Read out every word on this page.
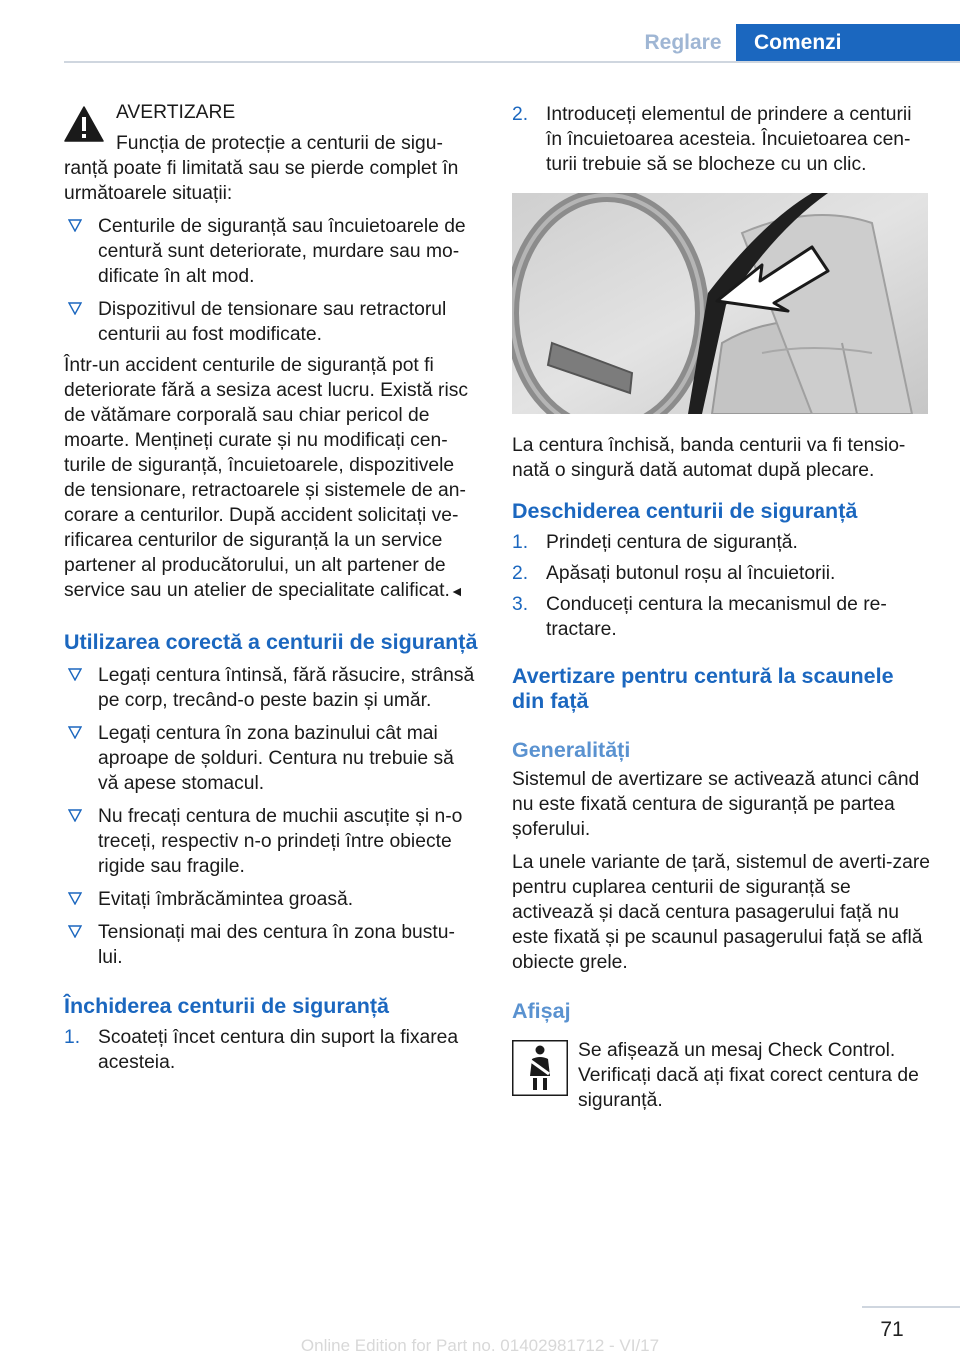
Reglare	Comenzi

AVERTIZARE

Funcția de protecție a centurii de sigu‐

ranță poate fi limitată sau se pierde complet în următoarele situații:

Centurile de siguranță sau încuietoarele de centură sunt deteriorate, murdare sau mo‐dificate în alt mod.
Dispozitivul de tensionare sau retractorul centurii au fost modificate.

Într-un accident centurile de siguranță pot fi deteriorate fără a sesiza acest lucru. Există risc de vătămare corporală sau chiar pericol de moarte. Mențineți curate și nu modificați cen‐turile de siguranță, încuietoarele, dispozitivele de tensionare, retractoarele și sistemele de an‐corare a centurilor. După accident solicitați ve‐rificarea centurilor de siguranță la un service partener al producătorului, un alt partener de service sau un atelier de specialitate calificat.◄

Utilizarea corectă a centurii de siguranță
Legați centura întinsă, fără răsucire, strânsă pe corp, trecând-o peste bazin și umăr.
Legați centura în zona bazinului cât mai aproape de șolduri. Centura nu trebuie să vă apese stomacul.
Nu frecați centura de muchii ascuțite și n-o treceți, respectiv n-o prindeți între obiecte rigide sau fragile.
Evitați îmbrăcămintea groasă.
Tensionați mai des centura în zona bustu‐lui.
Închiderea centurii de siguranță
1. Scoateți încet centura din suport la fixarea acesteia.
2. Introduceți elementul de prindere a centurii în încuietoarea acesteia. Încuietoarea cen‐turii trebuie să se blocheze cu un clic.

La centura închisă, banda centurii va fi tensio‐nată o singură dată automat după plecare.

Deschiderea centurii de siguranță
1. Prindeți centura de siguranță.
2. Apăsați butonul roșu al încuietorii.
3. Conduceți centura la mecanismul de re‐tractare.
Avertizare pentru centură la scaunele din față
Generalități

Sistemul de avertizare se activează atunci când nu este fixată centura de siguranță pe partea șoferului.

La unele variante de țară, sistemul de averti‐zare pentru cuplarea centurii de siguranță se activează și dacă centura pasagerului față nu este fixată și pe scaunul pasagerului față se află obiecte grele.

Afișaj

Se afișează un mesaj Check Control. Verificați dacă ați fixat corect centura de siguranță.

71
Online Edition for Part no. 01402981712 - VI/17
